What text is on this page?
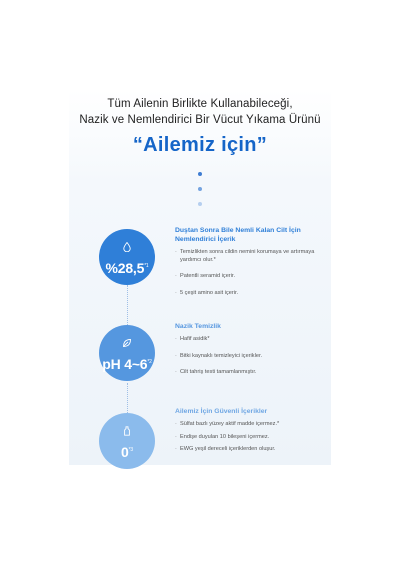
Tüm Ailenin Birlikte Kullanabileceği,
Nazik ve Nemlendirici Bir Vücut Yıkama Ürünü
“Ailemiz için”
%28,5$^{*1}$
Duştan Sonra Bile Nemli Kalan Cilt İçin
Nemlendirici İçerik
· Temizlikten sonra cildin nemini korumaya ve artırmaya yardımcı olur.*
· Patentli seramid içerir.
· 5 çeşit amino asit içerir.
pH 4~6$^{*2}$
Nazik Temizlik
· Hafif asidik*
· Bitki kaynaklı temizleyici içerikler.
· Cilt tahriş testi tamamlanmıştır.
0$^{*3}$
Ailemiz İçin Güvenli İçerikler
· Sülfat bazlı yüzey aktif madde içermez.*
· Endişe duyulan 10 bileşeni içermez.
· EWG yeşil dereceli içeriklerden oluşur.
